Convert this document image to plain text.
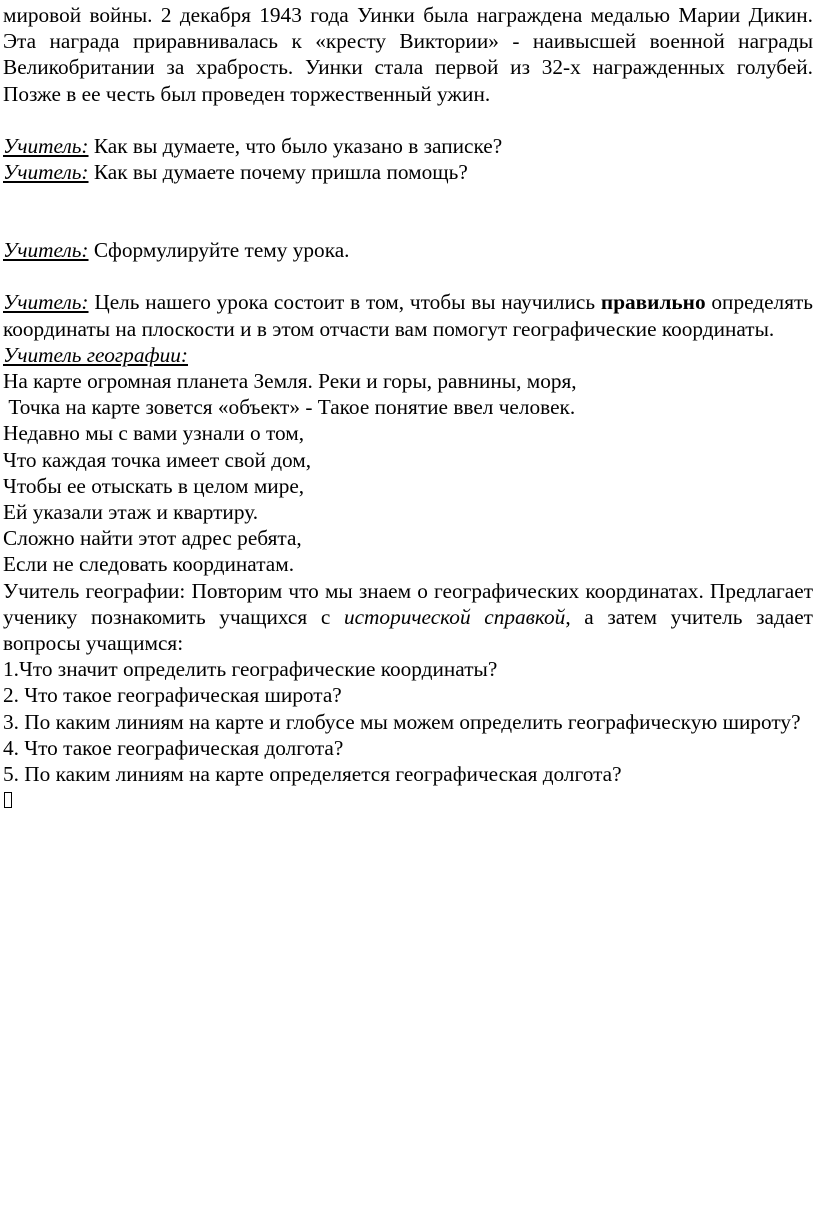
мировой войны. 2 декабря 1943 года Уинки была награждена медалью Марии Дикин. Эта награда приравнивалась к «кресту Виктории» - наивысшей военной награды Великобритании за храбрость. Уинки стала первой из 32-х награжденных голубей. Позже в ее честь был проведен торжественный ужин.

Учитель: Как вы думаете, что было указано в записке?

Учитель: Как вы думаете почему пришла помощь?

Учитель: Сформулируйте тему урока.

Учитель: Цель нашего урока состоит в том, чтобы вы научились правильно определять координаты на плоскости и в этом отчасти вам помогут географические координаты.

Учитель географии:

На карте огромная планета Земля. Реки и горы, равнины, моря,

Точка на карте зовется «объект» - Такое понятие ввел человек.

Недавно мы с вами узнали о том,

Что каждая точка имеет свой дом,

Чтобы ее отыскать в целом мире,

Ей указали этаж и квартиру.

Сложно найти этот адрес ребята,

Если не следовать координатам.

Учитель географии: Повторим что мы знаем о географических координатах. Предлагает ученику познакомить учащихся с исторической справкой, а затем учитель задает вопросы учащимся:

1.Что значит определить географические координаты?

2. Что такое географическая широта?

3. По каким линиям на карте и глобусе мы можем определить географическую широту?

4. Что такое географическая долгота?

5. По каким линиям на карте определяется географическая долгота?
